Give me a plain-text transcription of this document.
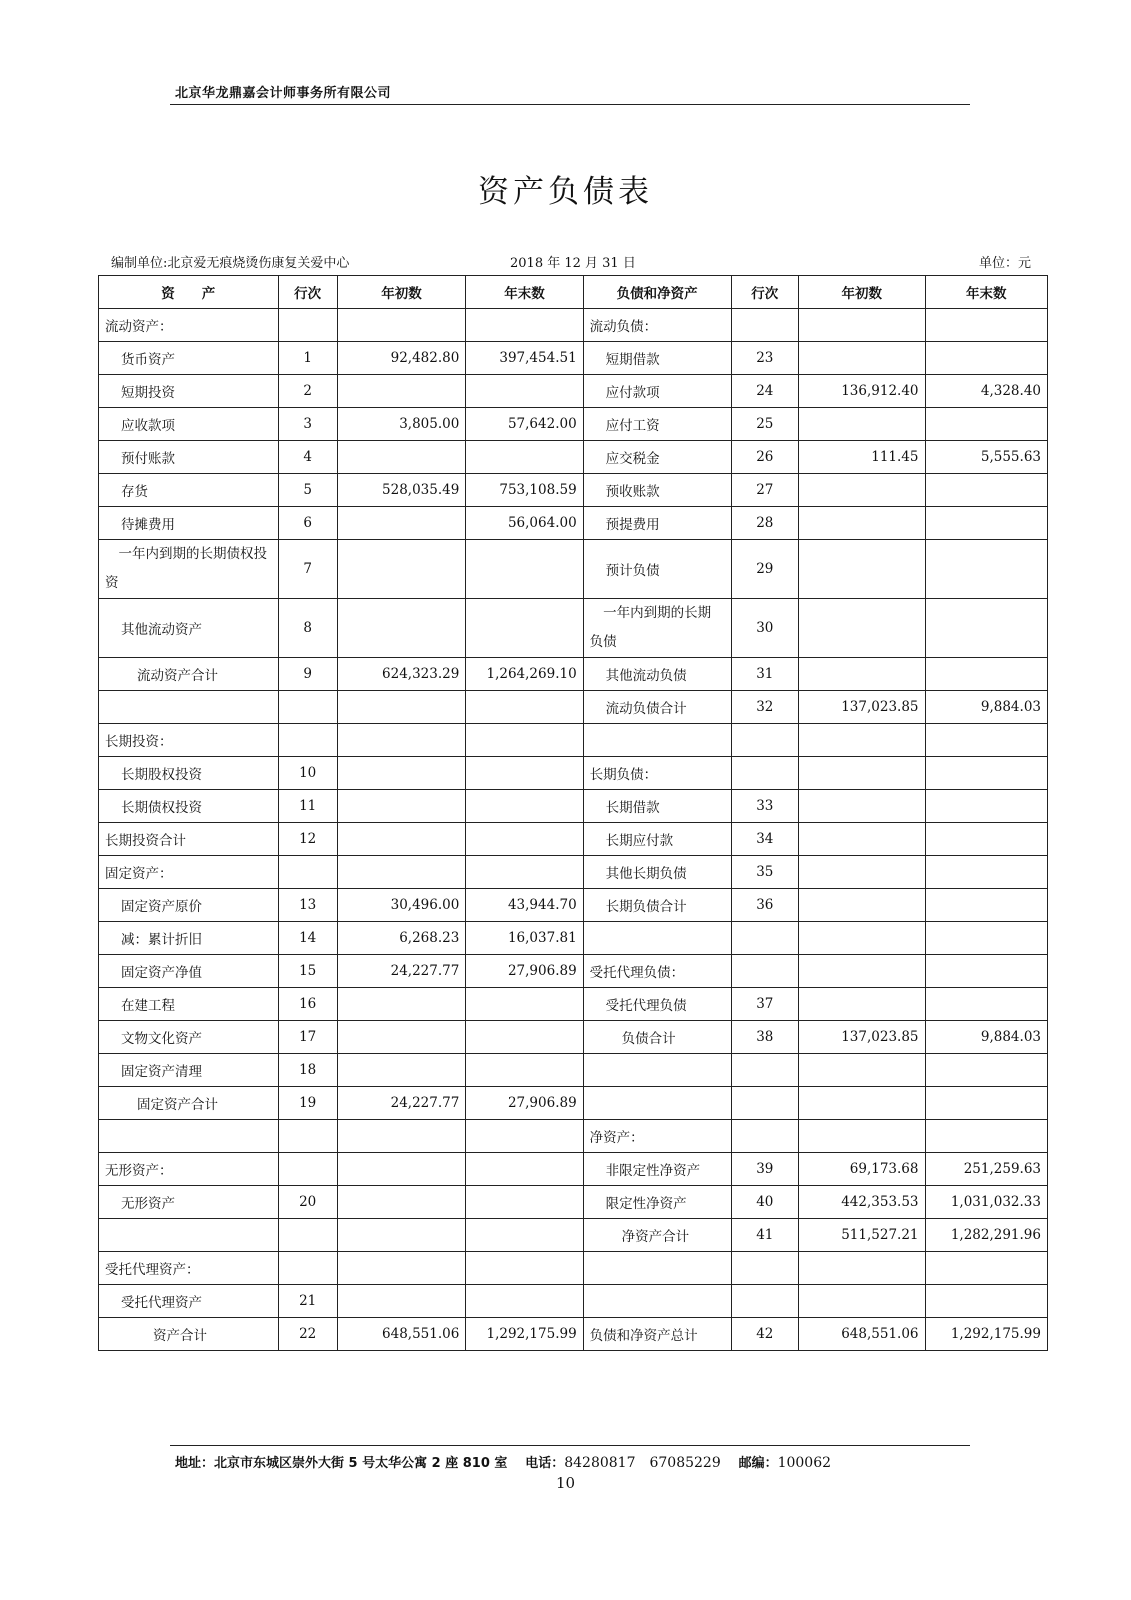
北京华龙鼎嘉会计师事务所有限公司
资产负债表
编制单位:北京爱无痕烧烫伤康复关爱中心	2018 年 12 月 31 日	单位：元
资　　产	行次	年初数	年末数	负债和净资产	行次	年初数	年末数
流动资产：				流动负债：			
货币资产	1	92,482.80	397,454.51	短期借款	23		
短期投资	2			应付款项	24	136,912.40	4,328.40
应收款项	3	3,805.00	57,642.00	应付工资	25		
预付账款	4			应交税金	26	111.45	5,555.63
存货	5	528,035.49	753,108.59	预收账款	27		
待摊费用	6		56,064.00	预提费用	28		
　一年内到期的长期债权投资	7			预计负债	29		
其他流动资产	8			　一年内到期的长期负债	30		
流动资产合计	9	624,323.29	1,264,269.10	其他流动负债	31		
				流动负债合计	32	137,023.85	9,884.03
长期投资：							
长期股权投资	10			长期负债：			
长期债权投资	11			长期借款	33		
长期投资合计	12			长期应付款	34		
固定资产：				其他长期负债	35		
固定资产原价	13	30,496.00	43,944.70	长期负债合计	36		
减：累计折旧	14	6,268.23	16,037.81				
固定资产净值	15	24,227.77	27,906.89	受托代理负债：			
在建工程	16			受托代理负债	37		
文物文化资产	17			负债合计	38	137,023.85	9,884.03
固定资产清理	18						
固定资产合计	19	24,227.77	27,906.89				
				净资产：			
无形资产：				非限定性净资产	39	69,173.68	251,259.63
无形资产	20			限定性净资产	40	442,353.53	1,031,032.33
				净资产合计	41	511,527.21	1,282,291.96
受托代理资产：							
受托代理资产	21						
资产合计	22	648,551.06	1,292,175.99	负债和净资产总计	42	648,551.06	1,292,175.99
地址：北京市东城区崇外大街 5 号太华公寓 2 座 810 室 电话：84280817　67085229 邮编：100062
10
